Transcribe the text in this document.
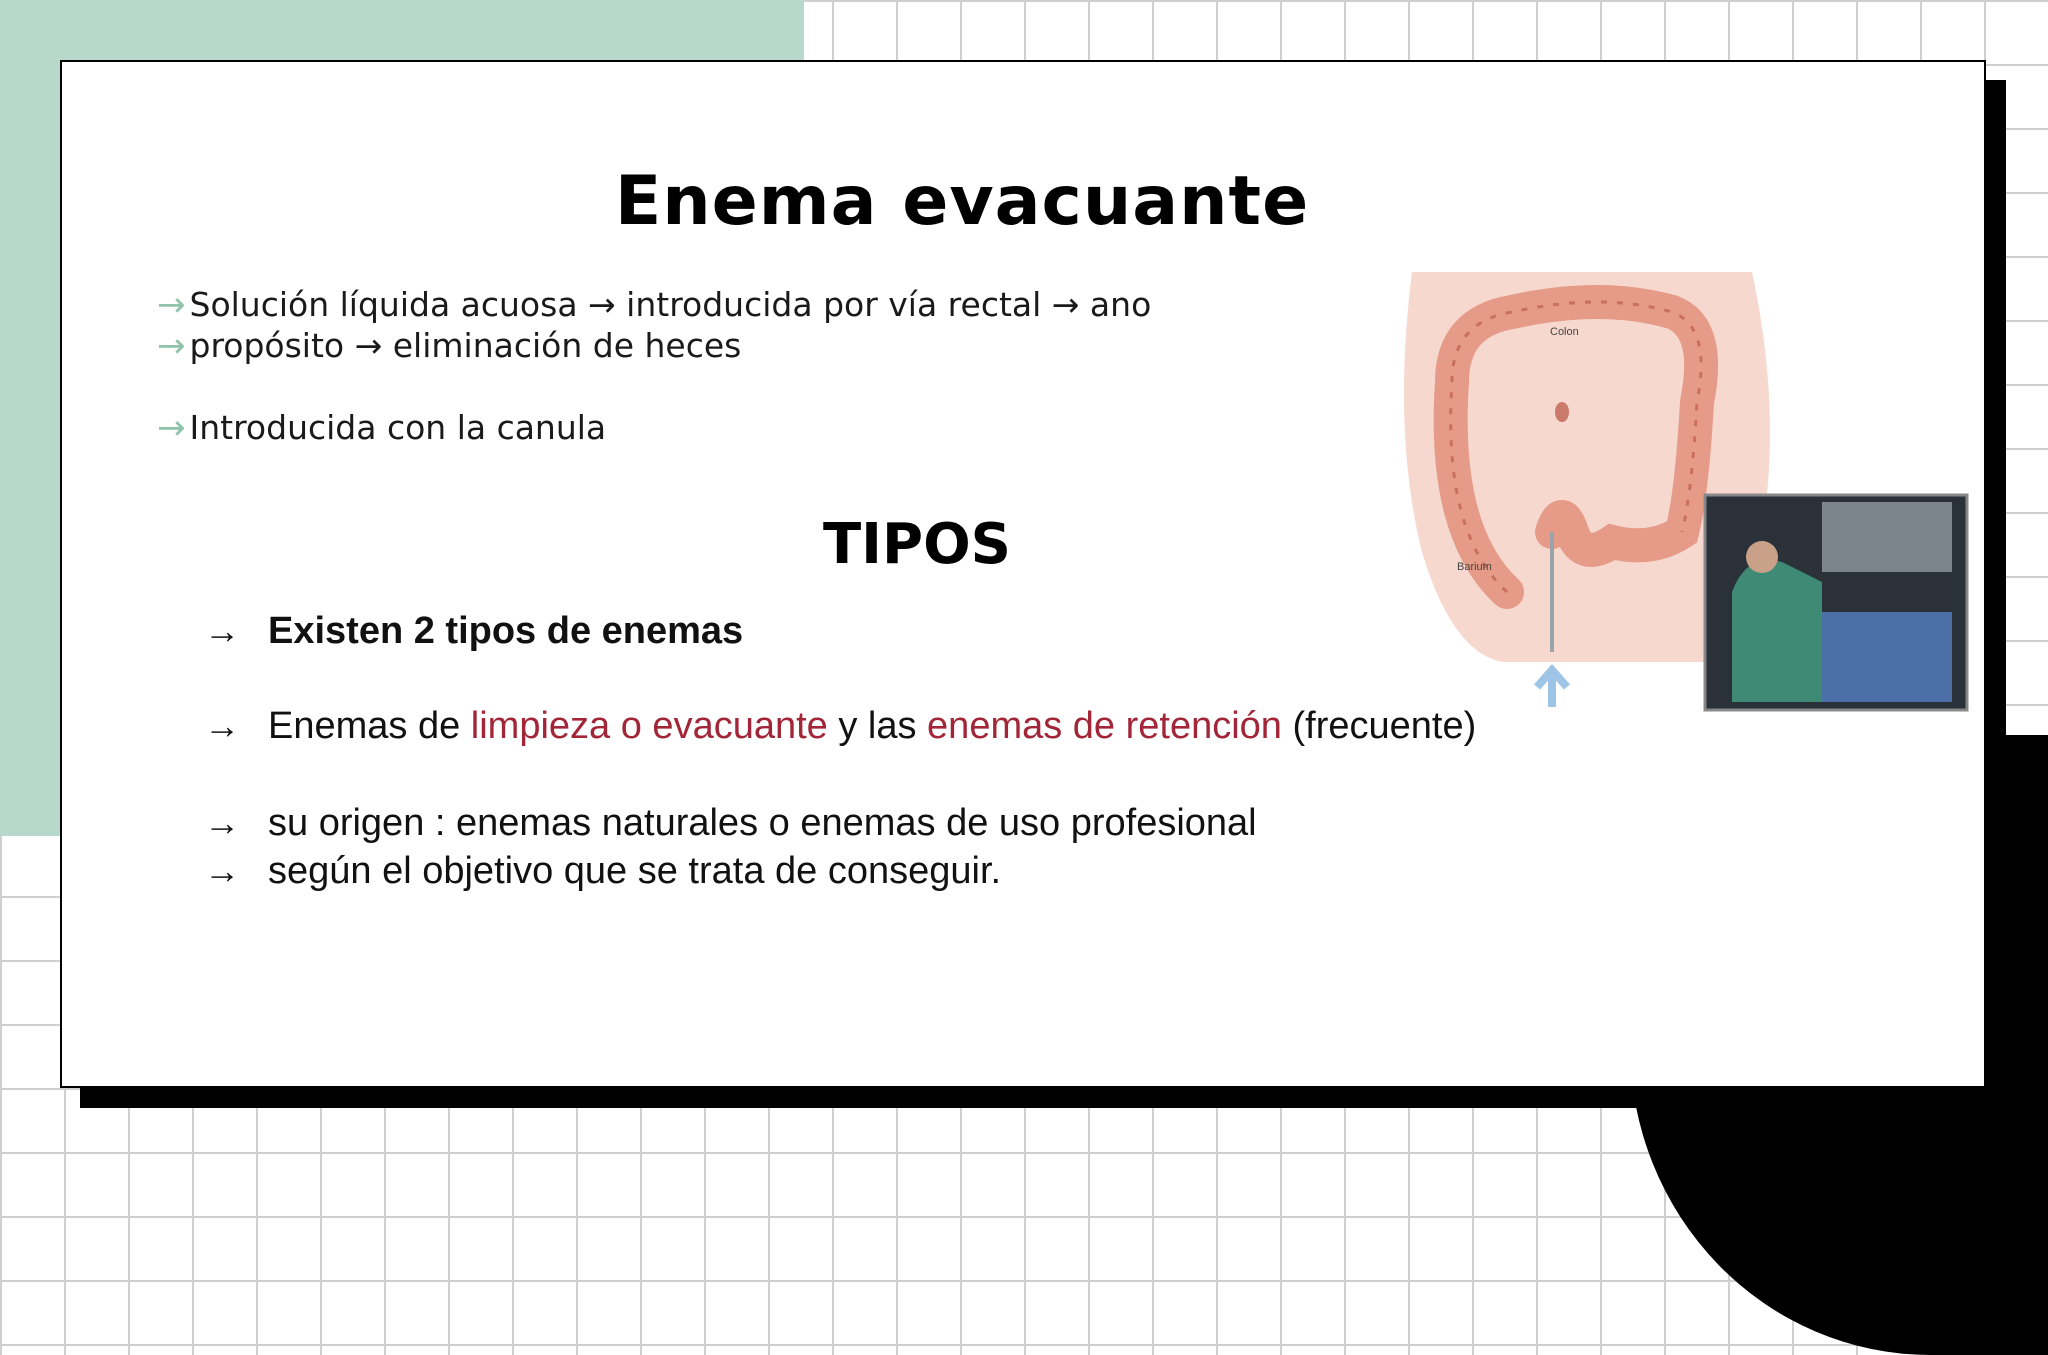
Enema evacuante
→ Solución líquida acuosa → introducida por vía rectal → ano
→ propósito → eliminación de heces
→ Introducida con la canula
TIPOS
→ Existen 2 tipos de enemas
→ Enemas de limpieza o evacuante y las enemas de retención (frecuente)
→ su origen : enemas naturales o enemas de uso profesional
→ según el objetivo que se trata de conseguir.
Colon
Barium
